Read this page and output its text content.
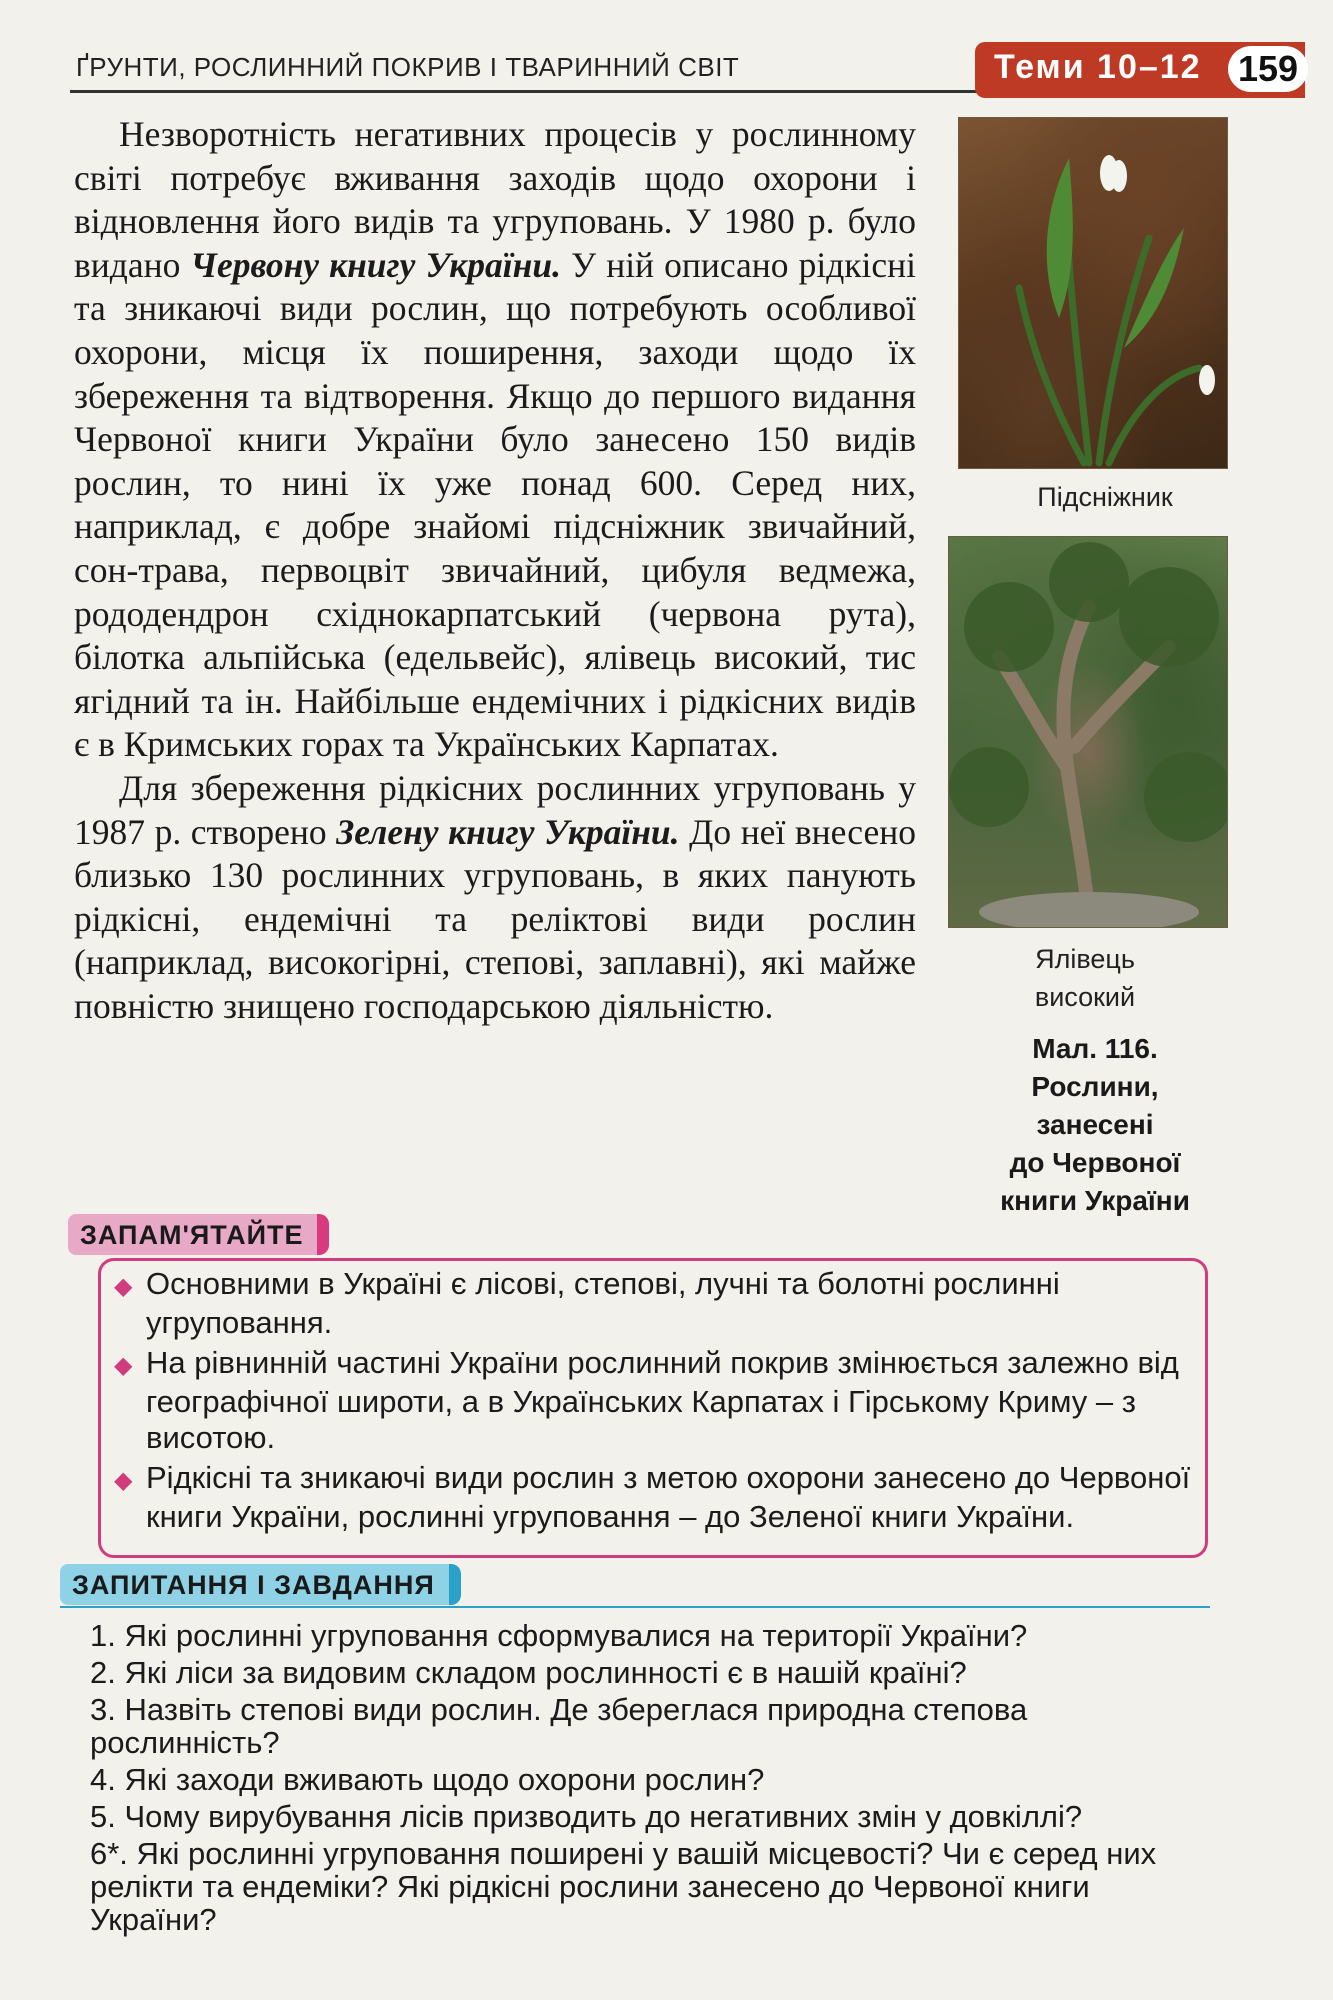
ҐРУНТИ, РОСЛИННИЙ ПОКРИВ І ТВАРИННИЙ СВІТ	Теми 10–12 159

Незворотність негативних процесів у рослинному світі потребує вживання заходів щодо охорони і відновлення його видів та угруповань. У 1980 р. було видано Червону книгу України. У ній описано рідкісні та зникаючі види рослин, що потребують особливої охорони, місця їх поширення, заходи щодо їх збереження та відтворення. Якщо до першого видання Червоної книги України було занесено 150 видів рослин, то нині їх уже понад 600. Серед них, наприклад, є добре знайомі підсніжник звичайний, сон-трава, первоцвіт звичайний, цибуля ведмежа, рододендрон східнокарпатський (червона рута), білотка альпійська (едельвейс), ялівець високий, тис ягідний та ін. Найбільше ендемічних і рідкісних видів є в Кримських горах та Українських Карпатах.

Для збереження рідкісних рослинних угруповань у 1987 р. створено Зелену книгу України. До неї внесено близько 130 рослинних угруповань, в яких панують рідкісні, ендемічні та реліктові види рослин (наприклад, високогірні, степові, заплавні), які майже повністю знищено господарською діяльністю.

Підсніжник
Ялівець
високий
Мал. 116.
Рослини,
занесені
до Червоної
книги України
ЗАПАМ'ЯТАЙТЕ
◆ Основними в Україні є лісові, степові, лучні та болотні рослинні угруповання.
◆ На рівнинній частині України рослинний покрив змінюється залежно від географічної широти, а в Українських Карпатах і Гірському Криму – з висотою.
◆ Рідкісні та зникаючі види рослин з метою охорони занесено до Червоної книги України, рослинні угруповання – до Зеленої книги України.
ЗАПИТАННЯ І ЗАВДАННЯ
1. Які рослинні угруповання сформувалися на території України?
2. Які ліси за видовим складом рослинності є в нашій країні?
3. Назвіть степові види рослин. Де збереглася природна степова рослинність?
4. Які заходи вживають щодо охорони рослин?
5. Чому вирубування лісів призводить до негативних змін у довкіллі?
6*. Які рослинні угруповання поширені у вашій місцевості? Чи є серед них релікти та ендеміки? Які рідкісні рослини занесено до Червоної книги України?
